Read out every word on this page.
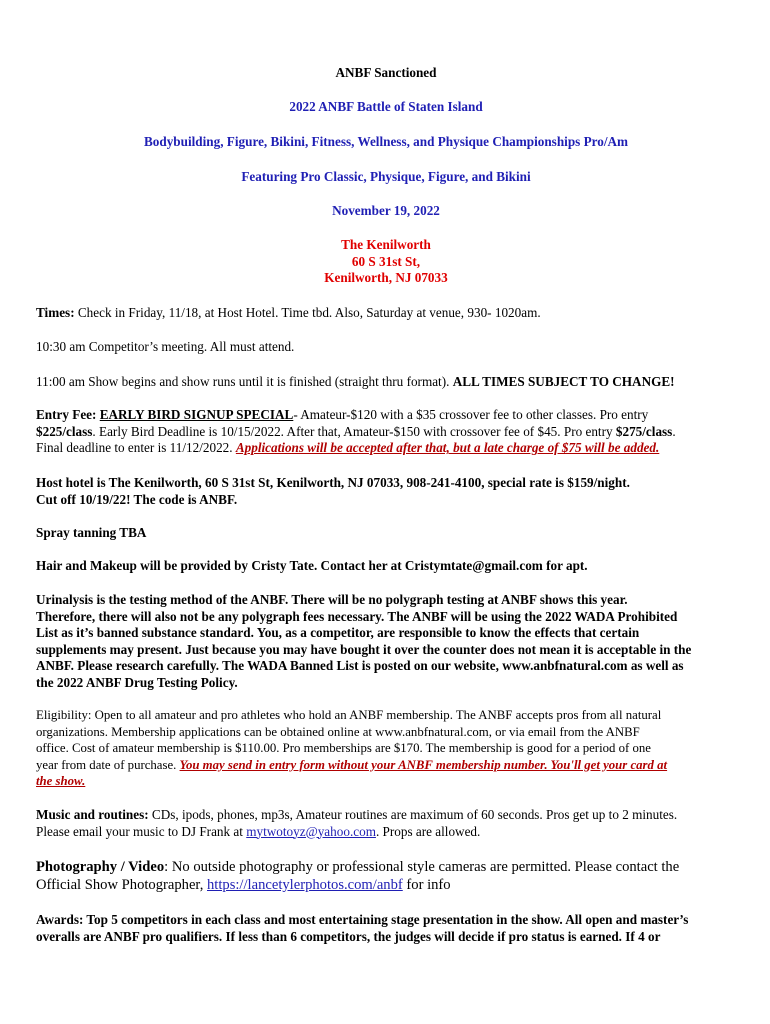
ANBF Sanctioned
2022 ANBF Battle of Staten Island
Bodybuilding, Figure, Bikini, Fitness, Wellness, and Physique Championships Pro/Am
Featuring Pro Classic, Physique, Figure, and Bikini
November 19, 2022
The Kenilworth
60 S 31st St,
Kenilworth, NJ 07033
Times: Check in Friday, 11/18, at Host Hotel. Time tbd. Also, Saturday at venue, 930- 1020am.
10:30 am Competitor’s meeting. All must attend.
11:00 am Show begins and show runs until it is finished (straight thru format). ALL TIMES SUBJECT TO CHANGE!
Entry Fee: EARLY BIRD SIGNUP SPECIAL- Amateur-$120 with a $35 crossover fee to other classes. Pro entry
$225/class. Early Bird Deadline is 10/15/2022. After that, Amateur-$150 with crossover fee of $45. Pro entry $275/class.
Final deadline to enter is 11/12/2022. Applications will be accepted after that, but a late charge of $75 will be added.
Host hotel is The Kenilworth, 60 S 31st St, Kenilworth, NJ 07033, 908-241-4100, special rate is $159/night.
Cut off 10/19/22! The code is ANBF.
Spray tanning TBA
Hair and Makeup will be provided by Cristy Tate. Contact her at Cristymtate@gmail.com for apt.
Urinalysis is the testing method of the ANBF. There will be no polygraph testing at ANBF shows this year.
Therefore, there will also not be any polygraph fees necessary. The ANBF will be using the 2022 WADA Prohibited
List as it’s banned substance standard. You, as a competitor, are responsible to know the effects that certain
supplements may present. Just because you may have bought it over the counter does not mean it is acceptable in the
ANBF. Please research carefully. The WADA Banned List is posted on our website, www.anbfnatural.com as well as
the 2022 ANBF Drug Testing Policy.
Eligibility: Open to all amateur and pro athletes who hold an ANBF membership. The ANBF accepts pros from all natural
organizations. Membership applications can be obtained online at www.anbfnatural.com, or via email from the ANBF
office. Cost of amateur membership is $110.00. Pro memberships are $170. The membership is good for a period of one
year from date of purchase. You may send in entry form without your ANBF membership number. You'll get your card at
the show.
Music and routines: CDs, ipods, phones, mp3s, Amateur routines are maximum of 60 seconds. Pros get up to 2 minutes.
Please email your music to DJ Frank at mytwotoyz@yahoo.com. Props are allowed.
Photography / Video: No outside photography or professional style cameras are permitted. Please contact the
Official Show Photographer, https://lancetylerphotos.com/anbf for info
Awards: Top 5 competitors in each class and most entertaining stage presentation in the show. All open and master’s
overalls are ANBF pro qualifiers. If less than 6 competitors, the judges will decide if pro status is earned. If 4 or
